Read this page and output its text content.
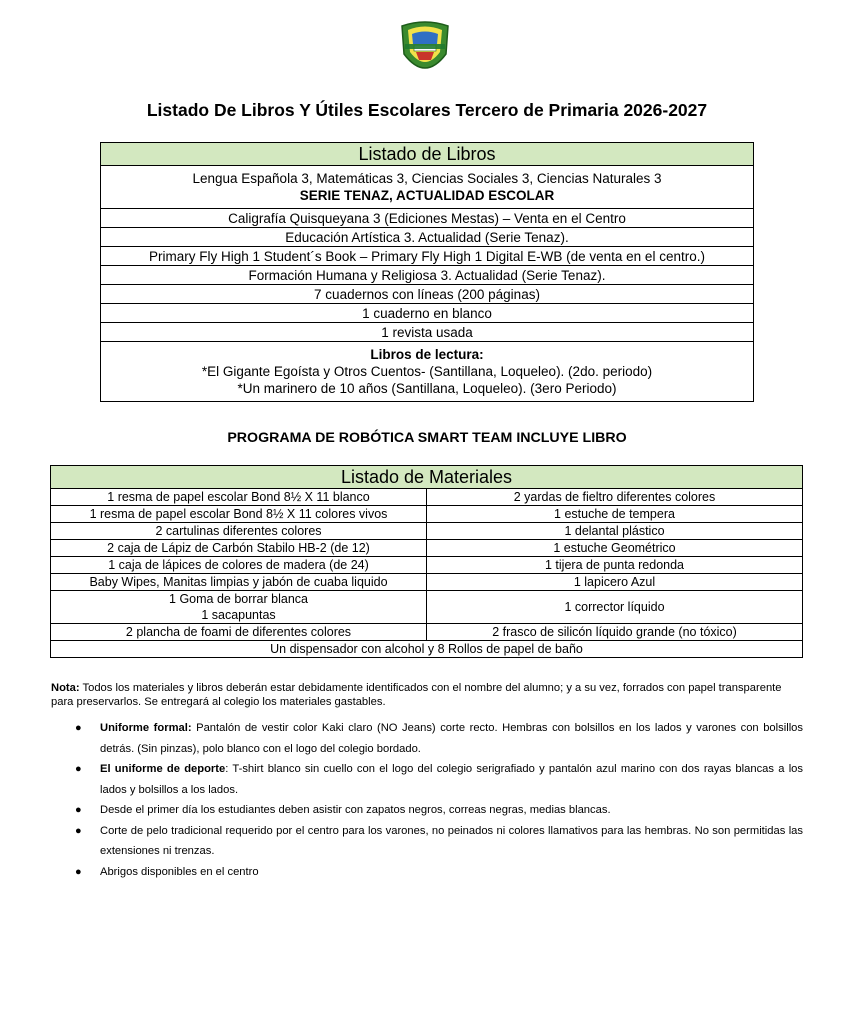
Listado De Libros Y Útiles Escolares Tercero de Primaria 2026-2027
Listado de Libros

Lengua Española 3, Matemáticas 3, Ciencias Sociales 3, Ciencias Naturales 3
SERIE TENAZ, ACTUALIDAD ESCOLAR

Caligrafía Quisqueyana 3 (Ediciones Mestas) – Venta en el Centro
Educación Artística 3. Actualidad (Serie Tenaz).
Primary Fly High 1 Student´s Book – Primary Fly High 1 Digital E-WB (de venta en el centro.)
Formación Humana y Religiosa 3. Actualidad (Serie Tenaz).
7 cuadernos con líneas (200 páginas)
1 cuaderno en blanco
1 revista usada

Libros de lectura:
*El Gigante Egoísta y Otros Cuentos- (Santillana, Loqueleo). (2do. periodo)
*Un marinero de 10 años (Santillana, Loqueleo). (3ero Periodo)
PROGRAMA DE ROBÓTICA SMART TEAM INCLUYE LIBRO
Listado de Materiales	
1 resma de papel escolar Bond 8½ X 11 blanco	2 yardas de fieltro diferentes colores
1 resma de papel escolar Bond 8½ X 11 colores vivos	1 estuche de tempera
2 cartulinas diferentes colores	1 delantal plástico
2 caja de Lápiz de Carbón Stabilo HB-2 (de 12)	1 estuche Geométrico
1 caja de lápices de colores de madera (de 24)	1 tijera de punta redonda
Baby Wipes, Manitas limpias y jabón de cuaba liquido	1 lapicero Azul

1 Goma de borrar blanca
1 sacapuntas	1 corrector líquido
2 plancha de foami de diferentes colores	2 frasco de silicón líquido grande (no tóxico)
Un dispensador con alcohol y 8 Rollos de papel de baño	
Nota: Todos los materiales y libros deberán estar debidamente identificados con el nombre del alumno; y a su vez, forrados con papel transparente para preservarlos. Se entregará al colegio los materiales gastables.
● Uniforme formal: Pantalón de vestir color Kaki claro (NO Jeans) corte recto. Hembras con bolsillos en los lados y varones con bolsillos detrás. (Sin pinzas), polo blanco con el logo del colegio bordado.
● El uniforme de deporte: T-shirt blanco sin cuello con el logo del colegio serigrafiado y pantalón azul marino con dos rayas blancas a los lados y bolsillos a los lados.
● Desde el primer día los estudiantes deben asistir con zapatos negros, correas negras, medias blancas.
● Corte de pelo tradicional requerido por el centro para los varones, no peinados ni colores llamativos para las hembras. No son permitidas las extensiones ni trenzas.
● Abrigos disponibles en el centro
